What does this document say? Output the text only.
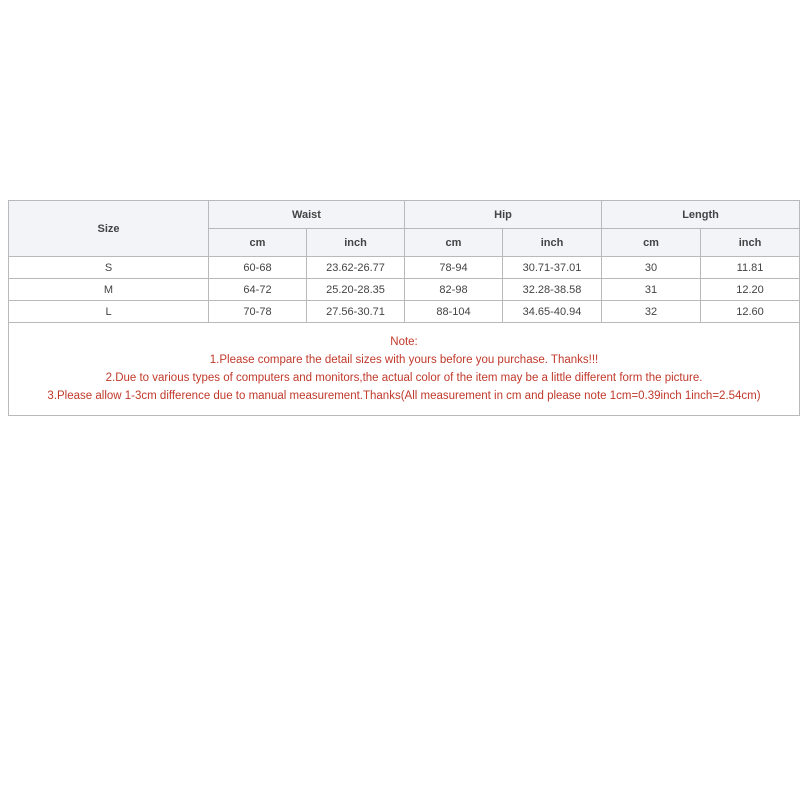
Size	Waist		Hip		Length	
	cm	inch	cm	inch	cm	inch
S	60-68	23.62-26.77	78-94	30.71-37.01	30	11.81
M	64-72	25.20-28.35	82-98	32.28-38.58	31	12.20
L	70-78	27.56-30.71	88-104	34.65-40.94	32	12.60

Note:
1.Please compare the detail sizes with yours before you purchase. Thanks!!!
2.Due to various types of computers and monitors,the actual color of the item may be a little different form the picture.
3.Please allow 1-3cm difference due to manual measurement.Thanks(All measurement in cm and please note 1cm=0.39inch 1inch=2.54cm)						
